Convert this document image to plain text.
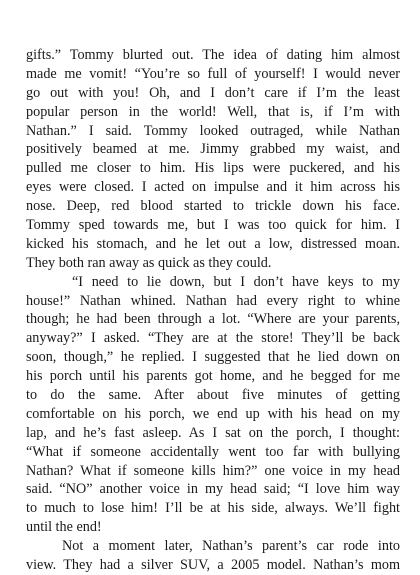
gifts.” Tommy blurted out. The idea of dating him almost
made me vomit! “You’re so full of yourself! I would never
go out with you! Oh, and I don’t care if I’m the least
popular person in the world! Well, that is, if I’m with
Nathan.” I said. Tommy looked outraged, while Nathan
positively beamed at me. Jimmy grabbed my waist, and
pulled me closer to him. His lips were puckered, and his
eyes were closed. I acted on impulse and it him across his
nose. Deep, red blood started to trickle down his face.
Tommy sped towards me, but I was too quick for him. I
kicked his stomach, and he let out a low, distressed moan.
They both ran away as quick as they could.
“I need to lie down, but I don’t have keys to my
house!” Nathan whined. Nathan had every right to whine
though; he had been through a lot. “Where are your parents,
anyway?” I asked. “They are at the store! They’ll be back
soon, though,” he replied. I suggested that he lied down on
his porch until his parents got home, and he begged for me
to do the same. After about five minutes of getting
comfortable on his porch, we end up with his head on my
lap, and he’s fast asleep. As I sat on the porch, I thought:
“What if someone accidentally went too far with bullying
Nathan? What if someone kills him?” one voice in my head
said. “NO” another voice in my head said; “I love him way
to much to lose him! I’ll be at his side, always. We’ll fight
until the end!
Not a moment later, Nathan’s parent’s car rode into
view. They had a silver SUV, a 2005 model. Nathan’s mom
